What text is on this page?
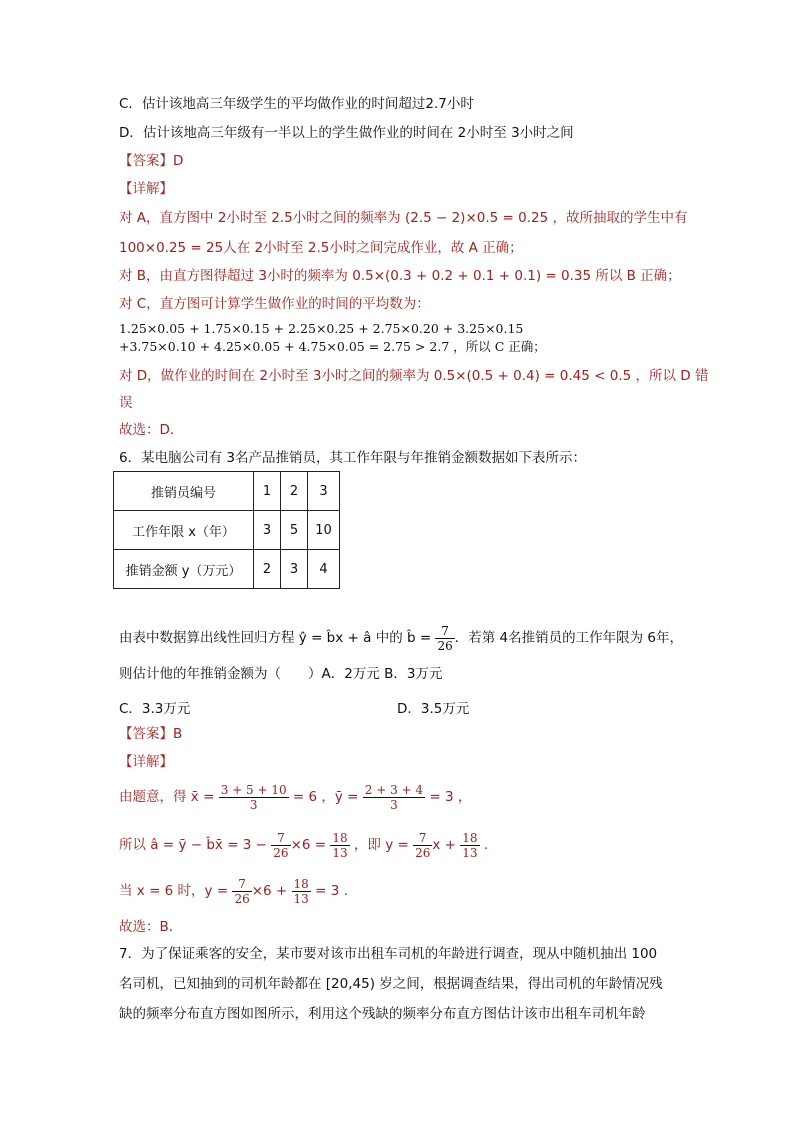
C．估计该地高三年级学生的平均做作业的时间超过2.7小时
D．估计该地高三年级有一半以上的学生做作业的时间在 2小时至 3小时之间
【答案】D
【详解】
对 A，直方图中 2小时至 2.5小时之间的频率为 (2.5 − 2)×0.5 = 0.25 ，故所抽取的学生中有
100×0.25 = 25人在 2小时至 2.5小时之间完成作业，故 A 正确；
对 B，由直方图得超过 3小时的频率为 0.5×(0.3 + 0.2 + 0.1 + 0.1) = 0.35 所以 B 正确；
对 C，直方图可计算学生做作业的时间的平均数为：
1.25×0.05 + 1.75×0.15 + 2.25×0.25 + 2.75×0.20 + 3.25×0.15
+3.75×0.10 + 4.25×0.05 + 4.75×0.05 = 2.75 > 2.7 ，所以 C 正确；
对 D，做作业的时间在 2小时至 3小时之间的频率为 0.5×(0.5 + 0.4) = 0.45 < 0.5 ，所以 D 错
误
故选：D．
6．某电脑公司有 3名产品推销员，其工作年限与年推销金额数据如下表所示：
推销员编号	1	2	3
工作年限 x（年）	3	5	10
推销金额 y（万元）	2	3	4
由表中数据算出线性回归方程 ŷ = b̂x + â 中的 b̂ = $\frac{7}{26}$ ．若第 4名推销员的工作年限为 6年，
则估计他的年推销金额为（　　）A．2万元 B．3万元
C．3.3万元	D．3.5万元
【答案】B
【详解】
由题意，得 x̄ = $\frac{3 + 5 + 10}{3} = 6$ ，ȳ = $\frac{2 + 3 + 4}{3} = 3$ ，
所以 â = ȳ − b̂x̄ = $3 - \frac{7}{26} \times 6 = \frac{18}{13}$ ，即 $y = \frac{7}{26}$ $x + \frac{18}{13}$ .
当 x = 6 时，$y = \frac{7}{26} \times 6 + \frac{18}{13} = 3$ .
故选：B．
7．为了保证乘客的安全，某市要对该市出租车司机的年龄进行调查，现从中随机抽出 100
名司机，已知抽到的司机年龄都在 [20,45) 岁之间，根据调查结果，得出司机的年龄情况残
缺的频率分布直方图如图所示，利用这个残缺的频率分布直方图估计该市出租车司机年龄
